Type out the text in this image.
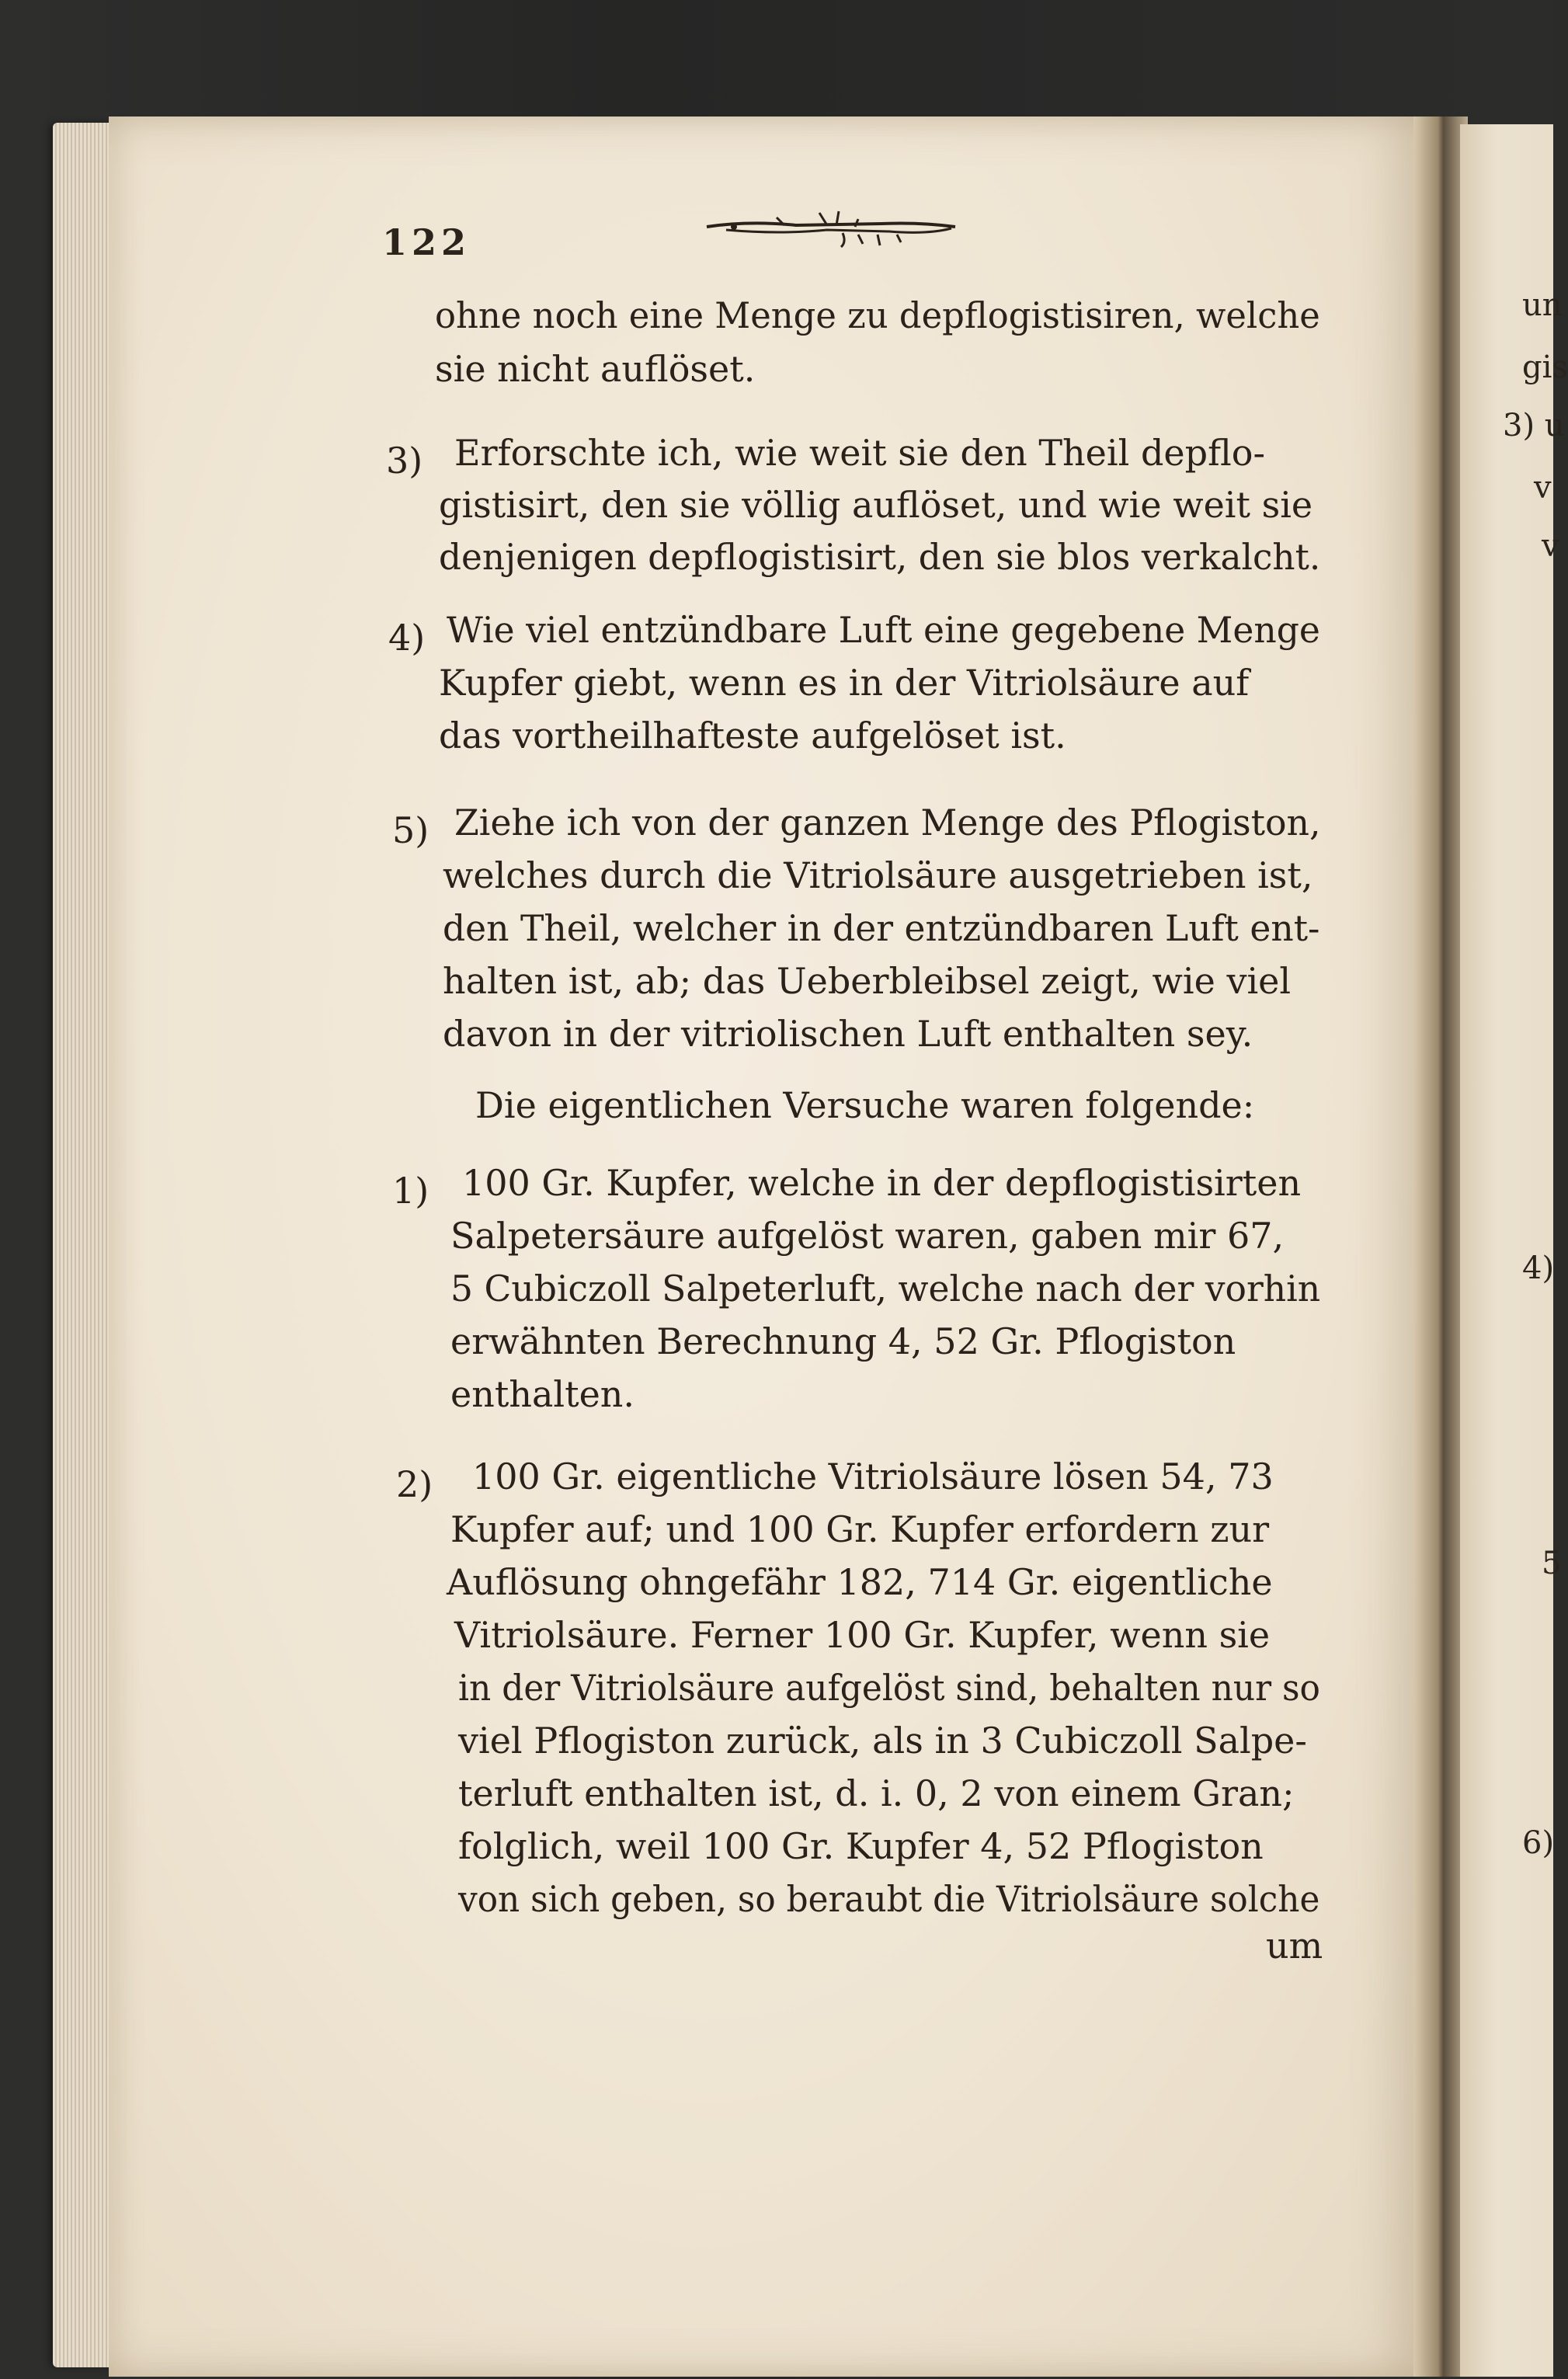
un
gis
3) u
v
v
4)
5
6)
122
ohne noch eine Menge zu depflogistisiren, welche
sie nicht auflöset.
3) Erforschte ich, wie weit sie den Theil depflo-
gistisirt, den sie völlig auflöset, und wie weit sie
denjenigen depflogistisirt, den sie blos verkalcht.
4) Wie viel entzündbare Luft eine gegebene Menge
Kupfer giebt, wenn es in der Vitriolsäure auf
das vortheilhafteste aufgelöset ist.
5) Ziehe ich von der ganzen Menge des Pflogiston,
welches durch die Vitriolsäure ausgetrieben ist,
den Theil, welcher in der entzündbaren Luft ent-
halten ist, ab; das Ueberbleibsel zeigt, wie viel
davon in der vitriolischen Luft enthalten sey.
Die eigentlichen Versuche waren folgende:
1) 100 Gr. Kupfer, welche in der depflogistisirten
Salpetersäure aufgelöst waren, gaben mir 67,
5 Cubiczoll Salpeterluft, welche nach der vorhin
erwähnten Berechnung 4, 52 Gr. Pflogiston
enthalten.
2) 100 Gr. eigentliche Vitriolsäure lösen 54, 73
Kupfer auf; und 100 Gr. Kupfer erfordern zur
Auflösung ohngefähr 182, 714 Gr. eigentliche
Vitriolsäure. Ferner 100 Gr. Kupfer, wenn sie
in der Vitriolsäure aufgelöst sind, behalten nur so
viel Pflogiston zurück, als in 3 Cubiczoll Salpe-
terluft enthalten ist, d. i. 0, 2 von einem Gran;
folglich, weil 100 Gr. Kupfer 4, 52 Pflogiston
von sich geben, so beraubt die Vitriolsäure solche
um
